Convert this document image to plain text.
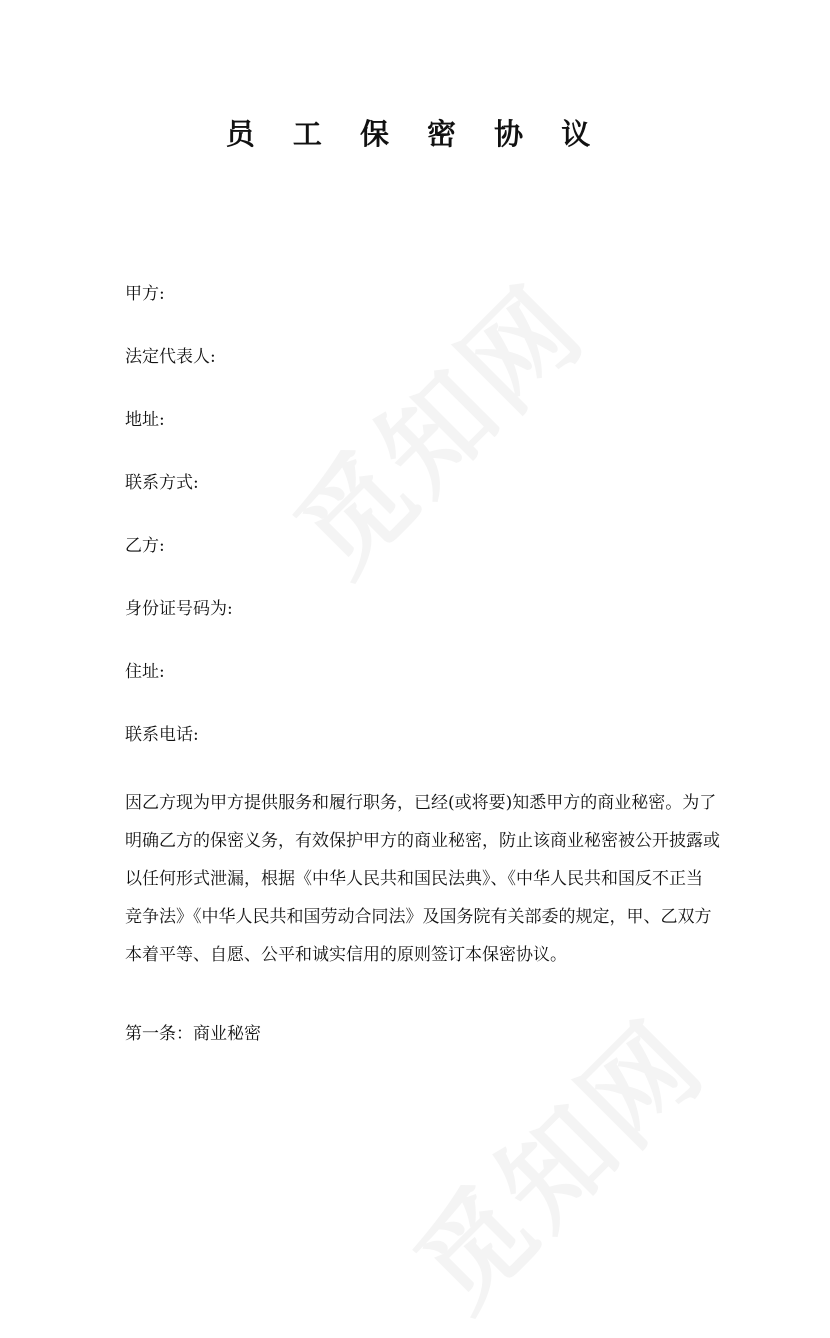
员 工 保 密 协 议
甲方:
法定代表人:
地址:
联系方式:
乙方:
身份证号码为:
住址:
联系电话:
因乙方现为甲方提供服务和履行职务，已经(或将要)知悉甲方的商业秘密。为了
明确乙方的保密义务，有效保护甲方的商业秘密，防止该商业秘密被公开披露或
以任何形式泄漏，根据《中华人民共和国民法典》、《中华人民共和国反不正当
竞争法》《中华人民共和国劳动合同法》及国务院有关部委的规定，甲、乙双方
本着平等、自愿、公平和诚实信用的原则签订本保密协议。
第一条：商业秘密
